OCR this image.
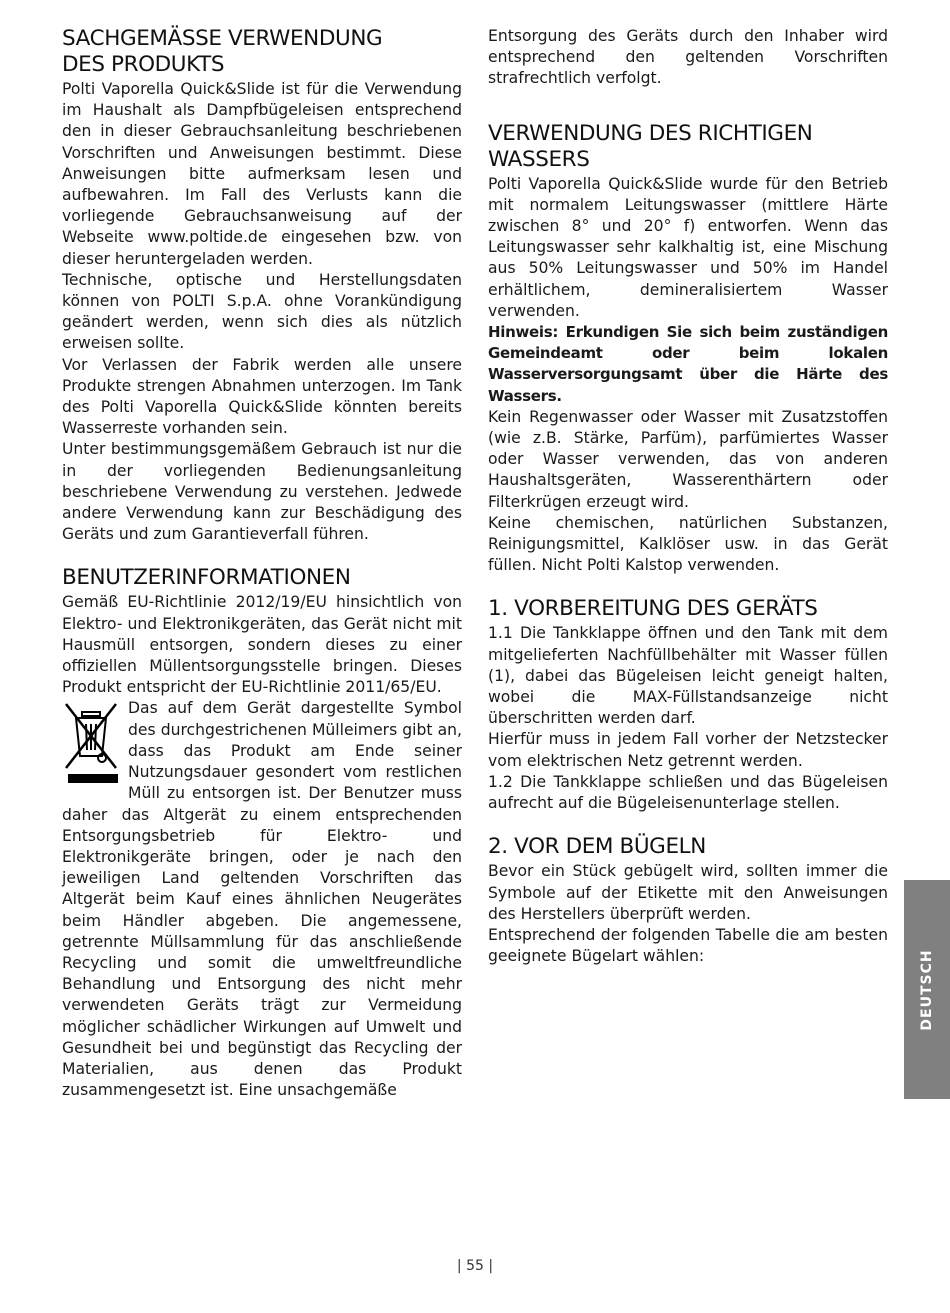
SACHGEMÄSSE VERWENDUNG
DES PRODUKTS

Polti Vaporella Quick&Slide ist für die Verwendung im Haushalt als Dampfbügeleisen entsprechend den in dieser Gebrauchsanleitung beschriebenen Vorschriften und Anweisungen bestimmt. Diese Anweisungen bitte aufmerksam lesen und aufbewahren. Im Fall des Verlusts kann die vorliegende Gebrauchsanweisung auf der Webseite www.poltide.de eingesehen bzw. von dieser heruntergeladen werden.

Technische, optische und Herstellungsdaten können von POLTI S.p.A. ohne Vorankündigung geändert werden, wenn sich dies als nützlich erweisen sollte.

Vor Verlassen der Fabrik werden alle unsere Produkte strengen Abnahmen unterzogen. Im Tank des Polti Vaporella Quick&Slide könnten bereits Wasserreste vorhanden sein.

Unter bestimmungsgemäßem Gebrauch ist nur die in der vorliegenden Bedienungsanleitung beschriebene Verwendung zu verstehen. Jedwede andere Verwendung kann zur Beschädigung des Geräts und zum Garantieverfall führen.

BENUTZERINFORMATIONEN

Gemäß EU-Richtlinie 2012/19/EU hinsichtlich von Elektro- und Elektronikgeräten, das Gerät nicht mit Hausmüll entsorgen, sondern dieses zu einer offiziellen Müllentsorgungsstelle bringen. Dieses Produkt entspricht der EU-Richtlinie 2011/65/EU.

Das auf dem Gerät dargestellte Symbol des durchgestrichenen Mülleimers gibt an, dass das Produkt am Ende seiner Nutzungsdauer gesondert vom restlichen Müll zu entsorgen ist. Der Benutzer muss daher das Altgerät zu einem entsprechenden Entsorgungsbetrieb für Elektro- und Elektronikgeräte bringen, oder je nach den jeweiligen Land geltenden Vorschriften das Altgerät beim Kauf eines ähnlichen Neugerätes beim Händler abgeben. Die angemessene, getrennte Müllsammlung für das anschließende Recycling und somit die umweltfreundliche Behandlung und Entsorgung des nicht mehr verwendeten Geräts trägt zur Vermeidung möglicher schädlicher Wirkungen auf Umwelt und Gesundheit bei und begünstigt das Recycling der Materialien, aus denen das Produkt zusammengesetzt ist. Eine unsachgemäße

Entsorgung des Geräts durch den Inhaber wird entsprechend den geltenden Vorschriften strafrechtlich verfolgt.

VERWENDUNG DES RICHTIGEN
WASSERS

Polti Vaporella Quick&Slide wurde für den Betrieb mit normalem Leitungswasser (mittlere Härte zwischen 8° und 20° f) entworfen. Wenn das Leitungswasser sehr kalkhaltig ist, eine Mischung aus 50% Leitungswasser und 50% im Handel erhältlichem, demineralisiertem Wasser verwenden.

Hinweis: Erkundigen Sie sich beim zuständigen Gemeindeamt oder beim lokalen Wasserversorgungsamt über die Härte des Wassers.

Kein Regenwasser oder Wasser mit Zusatzstoffen (wie z.B. Stärke, Parfüm), parfümiertes Wasser oder Wasser verwenden, das von anderen Haushaltsgeräten, Wasserenthärtern oder Filterkrügen erzeugt wird.

Keine chemischen, natürlichen Substanzen, Reinigungsmittel, Kalklöser usw. in das Gerät füllen. Nicht Polti Kalstop verwenden.

1. VORBEREITUNG DES GERÄTS

1.1 Die Tankklappe öffnen und den Tank mit dem mitgelieferten Nachfüllbehälter mit Wasser füllen (1), dabei das Bügeleisen leicht geneigt halten, wobei die MAX-Füllstandsanzeige nicht überschritten werden darf.

Hierfür muss in jedem Fall vorher der Netzstecker vom elektrischen Netz getrennt werden.

1.2 Die Tankklappe schließen und das Bügeleisen aufrecht auf die Bügeleisenunterlage stellen.

2. VOR DEM BÜGELN

Bevor ein Stück gebügelt wird, sollten immer die Symbole auf der Etikette mit den Anweisungen des Herstellers überprüft werden.

Entsprechend der folgenden Tabelle die am besten geeignete Bügelart wählen:	DEUTSCH
| 55 |
